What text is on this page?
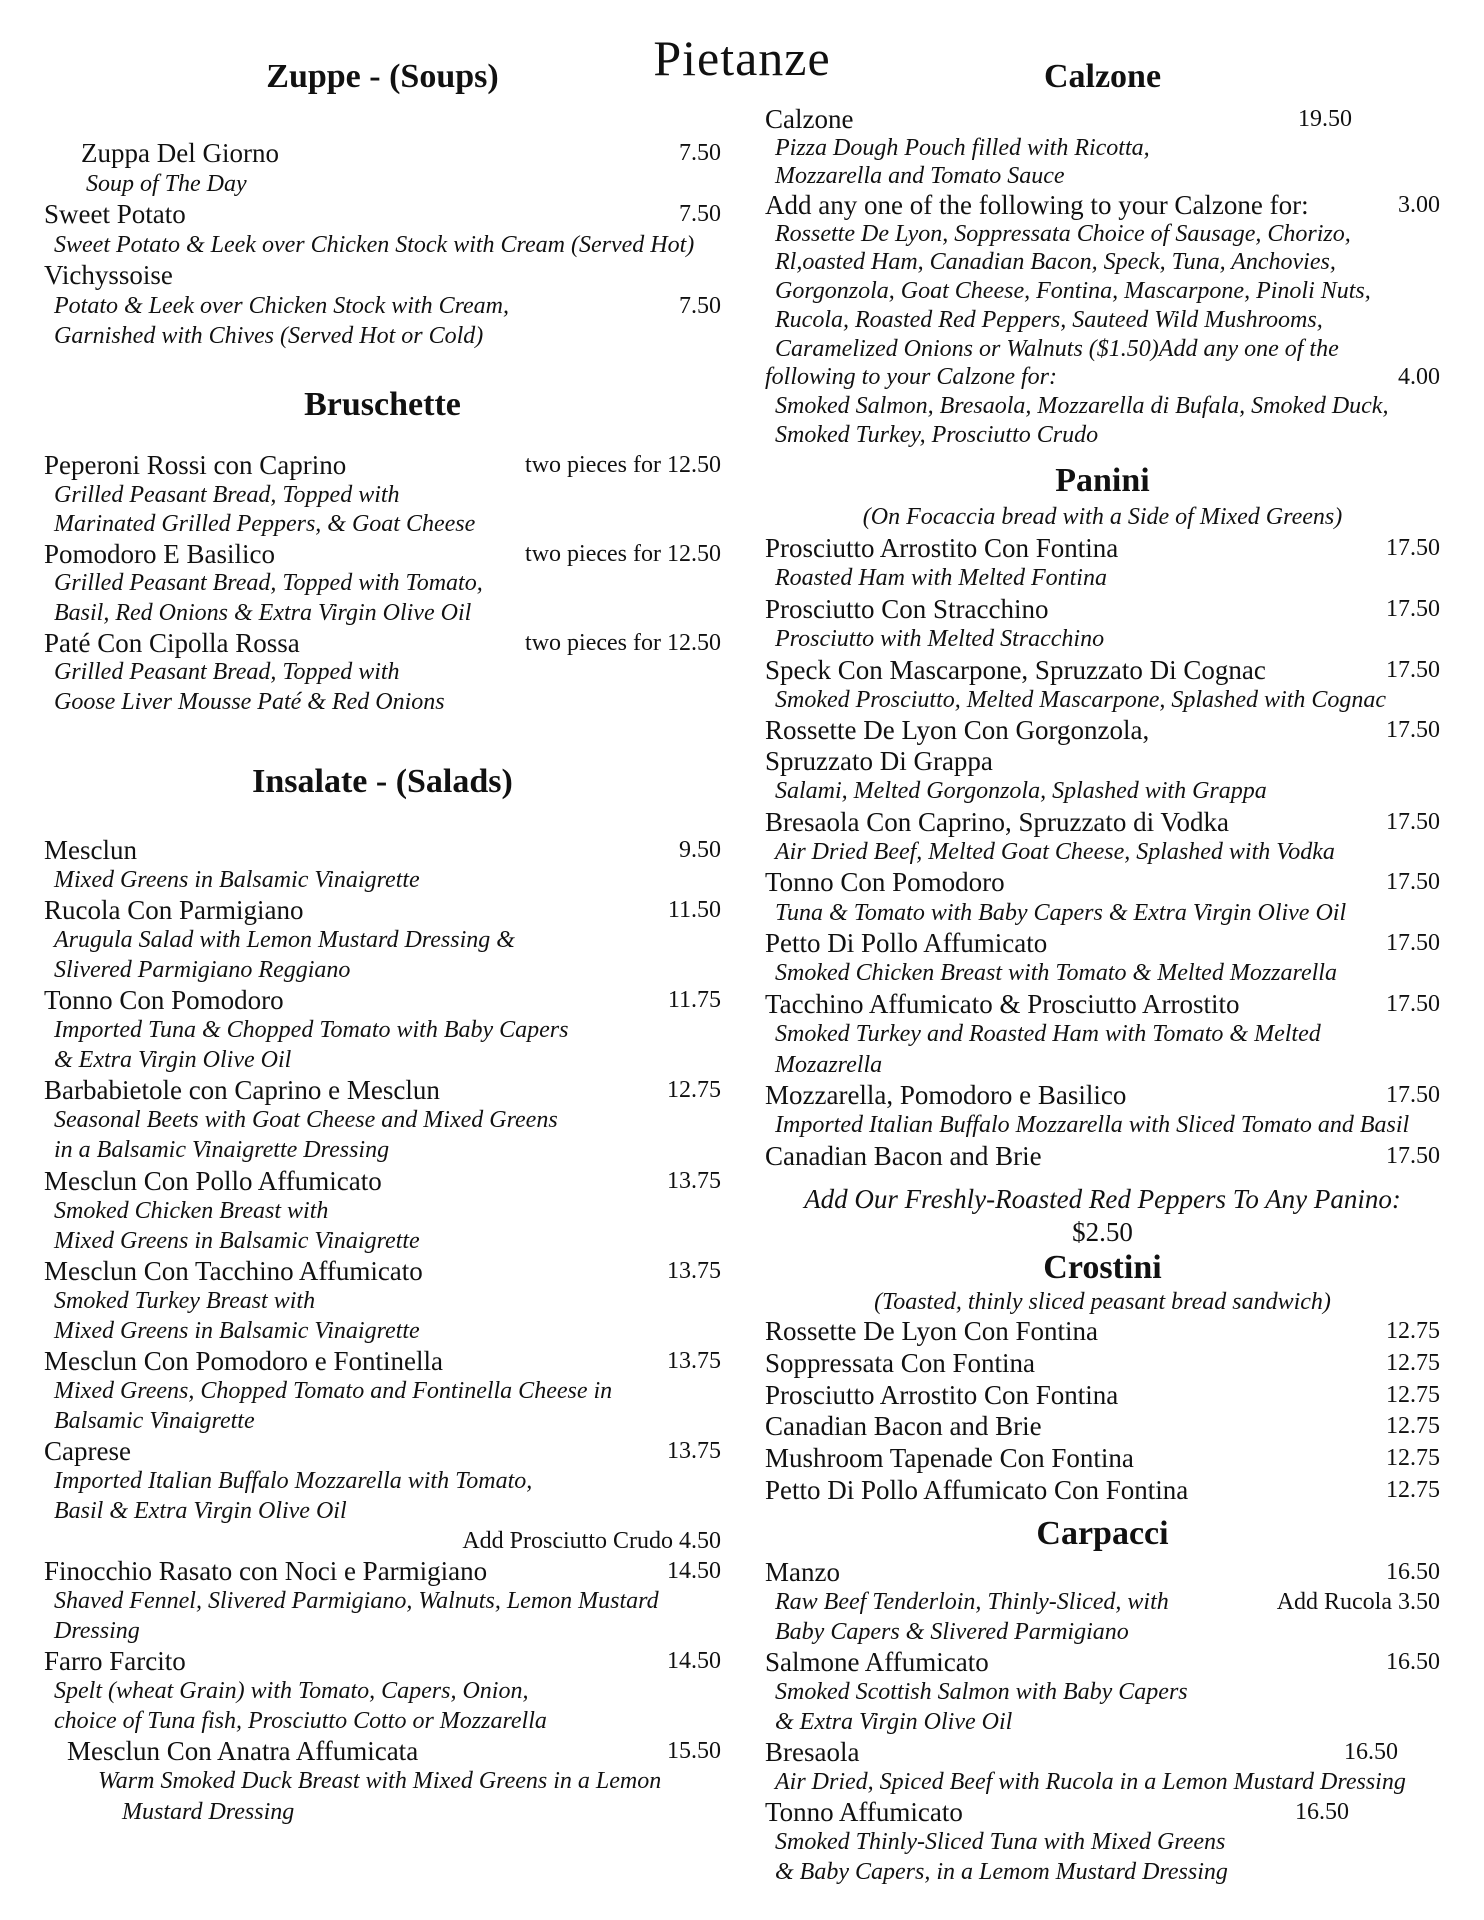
Pietanze
Zuppe - (Soups)
Zuppa Del Giorno	7.50
Soup of The Day
Sweet Potato	7.50
Sweet Potato & Leek over Chicken Stock with Cream (Served Hot)
Vichyssoise
Potato & Leek over Chicken Stock with Cream,	7.50
Garnished with Chives (Served Hot or Cold)
Bruschette
Peperoni Rossi con Caprino	two pieces for 12.50
Grilled Peasant Bread, Topped with
Marinated Grilled Peppers, & Goat Cheese
Pomodoro E Basilico	two pieces for 12.50
Grilled Peasant Bread, Topped with Tomato,
Basil, Red Onions & Extra Virgin Olive Oil
Paté Con Cipolla Rossa	two pieces for 12.50
Grilled Peasant Bread, Topped with
Goose Liver Mousse Paté & Red Onions
Insalate - (Salads)
Mesclun	9.50
Mixed Greens in Balsamic Vinaigrette
Rucola Con Parmigiano	11.50
Arugula Salad with Lemon Mustard Dressing &
Slivered Parmigiano Reggiano
Tonno Con Pomodoro	11.75
Imported Tuna & Chopped Tomato with Baby Capers
& Extra Virgin Olive Oil
Barbabietole con Caprino e Mesclun	12.75
Seasonal Beets with Goat Cheese and Mixed Greens
in a Balsamic Vinaigrette Dressing
Mesclun Con Pollo Affumicato	13.75
Smoked Chicken Breast with
Mixed Greens in Balsamic Vinaigrette
Mesclun Con Tacchino Affumicato	13.75
Smoked Turkey Breast with
Mixed Greens in Balsamic Vinaigrette
Mesclun Con Pomodoro e Fontinella	13.75
Mixed Greens, Chopped Tomato and Fontinella Cheese in
Balsamic Vinaigrette
Caprese	13.75
Imported Italian Buffalo Mozzarella with Tomato,
Basil & Extra Virgin Olive Oil
Add Prosciutto Crudo 4.50
Finocchio Rasato con Noci e Parmigiano	14.50
Shaved Fennel, Slivered Parmigiano, Walnuts, Lemon Mustard
Dressing
Farro Farcito	14.50
Spelt (wheat Grain) with Tomato, Capers, Onion,
choice of Tuna fish, Prosciutto Cotto or Mozzarella
Mesclun Con Anatra Affumicata	15.50
Warm Smoked Duck Breast with Mixed Greens in a Lemon
Mustard Dressing
Calzone
Calzone	19.50
Pizza Dough Pouch filled with Ricotta,
Mozzarella and Tomato Sauce
Add any one of the following to your Calzone for:	3.00
Rossette De Lyon, Soppressata Choice of Sausage, Chorizo,
Rl,oasted Ham, Canadian Bacon, Speck, Tuna, Anchovies,
Gorgonzola, Goat Cheese, Fontina, Mascarpone, Pinoli Nuts,
Rucola, Roasted Red Peppers, Sauteed Wild Mushrooms,
Caramelized Onions or Walnuts ($1.50)Add any one of the
following to your Calzone for:	4.00
Smoked Salmon, Bresaola, Mozzarella di Bufala, Smoked Duck,
Smoked Turkey, Prosciutto Crudo
Panini
(On Focaccia bread with a Side of Mixed Greens)
Add Our Freshly-Roasted Red Peppers To Any Panino:
$2.50
Prosciutto Arrostito Con Fontina	17.50
Roasted Ham with Melted Fontina
Prosciutto Con Stracchino	17.50
Prosciutto with Melted Stracchino
Speck Con Mascarpone, Spruzzato Di Cognac	17.50
Smoked Prosciutto, Melted Mascarpone, Splashed with Cognac
Rossette De Lyon Con Gorgonzola,	17.50
Spruzzato Di Grappa
Salami, Melted Gorgonzola, Splashed with Grappa
Bresaola Con Caprino, Spruzzato di Vodka	17.50
Air Dried Beef, Melted Goat Cheese, Splashed with Vodka
Tonno Con Pomodoro	17.50
Tuna & Tomato with Baby Capers & Extra Virgin Olive Oil
Petto Di Pollo Affumicato	17.50
Smoked Chicken Breast with Tomato & Melted Mozzarella
Tacchino Affumicato & Prosciutto Arrostito	17.50
Smoked Turkey and Roasted Ham with Tomato & Melted
Mozazrella
Mozzarella, Pomodoro e Basilico	17.50
Imported Italian Buffalo Mozzarella with Sliced Tomato and Basil
Canadian Bacon and Brie	17.50
Crostini
(Toasted, thinly sliced peasant bread sandwich)
Rossette De Lyon Con Fontina	12.75
Soppressata Con Fontina	12.75
Prosciutto Arrostito Con Fontina	12.75
Canadian Bacon and Brie	12.75
Mushroom Tapenade Con Fontina	12.75
Petto Di Pollo Affumicato Con Fontina	12.75
Carpacci
Manzo	16.50
Raw Beef Tenderloin, Thinly-Sliced, with	Add Rucola 3.50
Baby Capers & Slivered Parmigiano
Salmone Affumicato	16.50
Smoked Scottish Salmon with Baby Capers
& Extra Virgin Olive Oil
Bresaola	16.50
Air Dried, Spiced Beef with Rucola in a Lemon Mustard Dressing
Tonno Affumicato	16.50
Smoked Thinly-Sliced Tuna with Mixed Greens
& Baby Capers, in a Lemom Mustard Dressing
